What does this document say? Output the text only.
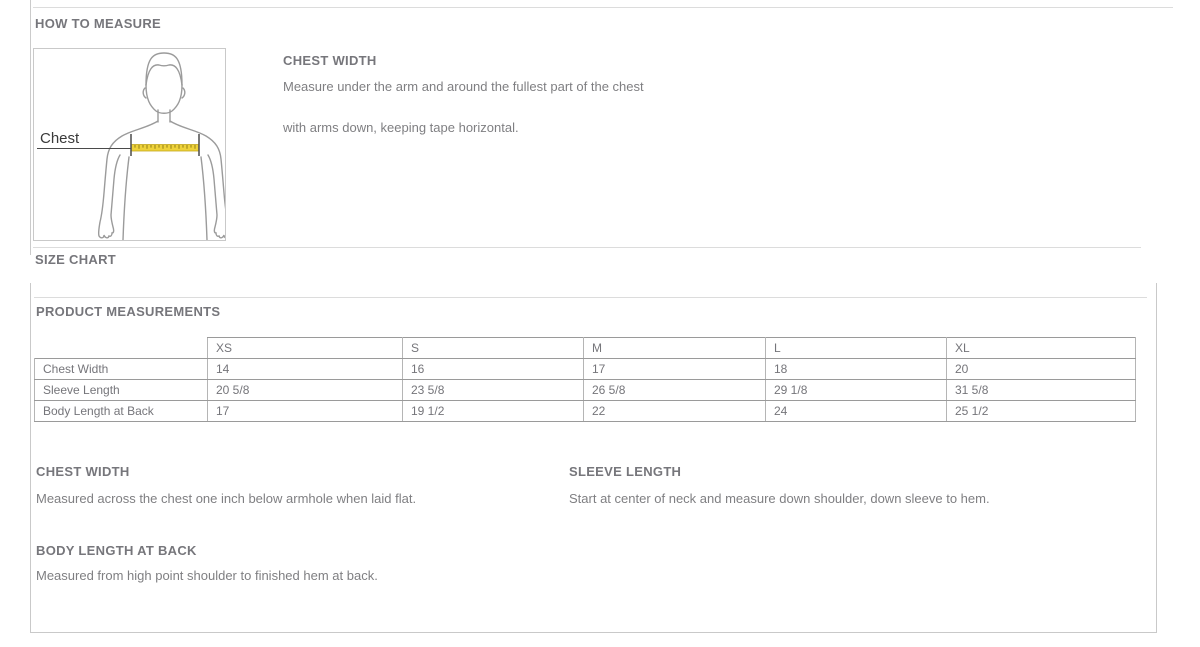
HOW TO MEASURE
Chest
CHEST WIDTH
Measure under the arm and around the fullest part of the chest
with arms down, keeping tape horizontal.
SIZE CHART
PRODUCT MEASUREMENTS
	XS	S	M	L	XL
Chest Width	14	16	17	18	20
Sleeve Length	20 5/8	23 5/8	26 5/8	29 1/8	31 5/8
Body Length at Back	17	19 1/2	22	24	25 1/2
CHEST WIDTH
Measured across the chest one inch below armhole when laid flat.
SLEEVE LENGTH
Start at center of neck and measure down shoulder, down sleeve to hem.
BODY LENGTH AT BACK
Measured from high point shoulder to finished hem at back.
